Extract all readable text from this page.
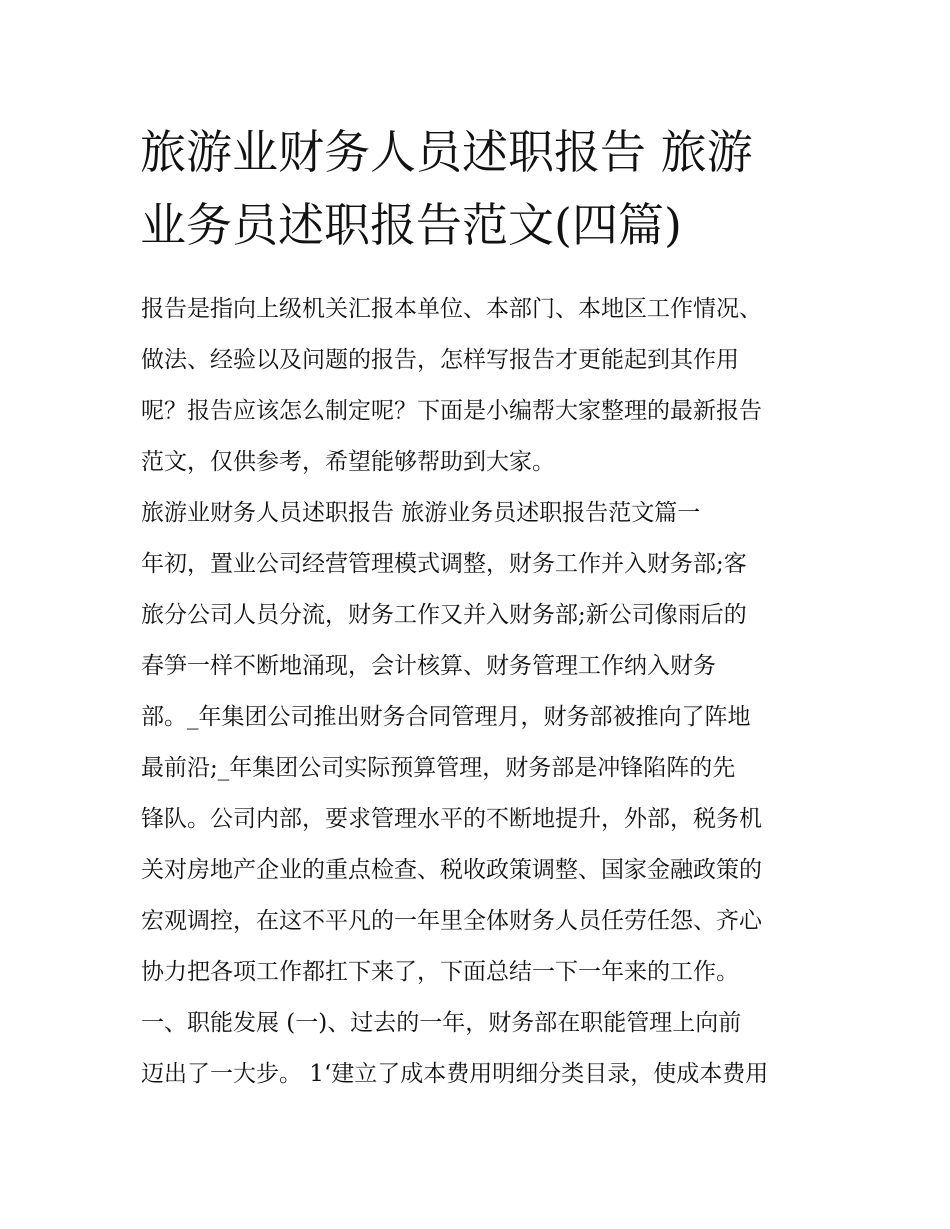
旅游业财务人员述职报告 旅游
业务员述职报告范文(四篇)
报告是指向上级机关汇报本单位、本部门、本地区工作情况、
做法、经验以及问题的报告，怎样写报告才更能起到其作用
呢？报告应该怎么制定呢？下面是小编帮大家整理的最新报告
范文，仅供参考，希望能够帮助到大家。
旅游业财务人员述职报告 旅游业务员述职报告范文篇一
年初，置业公司经营管理模式调整，财务工作并入财务部;客
旅分公司人员分流，财务工作又并入财务部;新公司像雨后的
春笋一样不断地涌现，会计核算、财务管理工作纳入财务
部。_年集团公司推出财务合同管理月，财务部被推向了阵地
最前沿;_年集团公司实际预算管理，财务部是冲锋陷阵的先
锋队。公司内部，要求管理水平的不断地提升，外部，税务机
关对房地产企业的重点检查、税收政策调整、国家金融政策的
宏观调控，在这不平凡的一年里全体财务人员任劳任怨、齐心
协力把各项工作都扛下来了，下面总结一下一年来的工作。
一、职能发展 (一)、过去的一年，财务部在职能管理上向前
迈出了一大步。 1‘建立了成本费用明细分类目录，使成本费用
